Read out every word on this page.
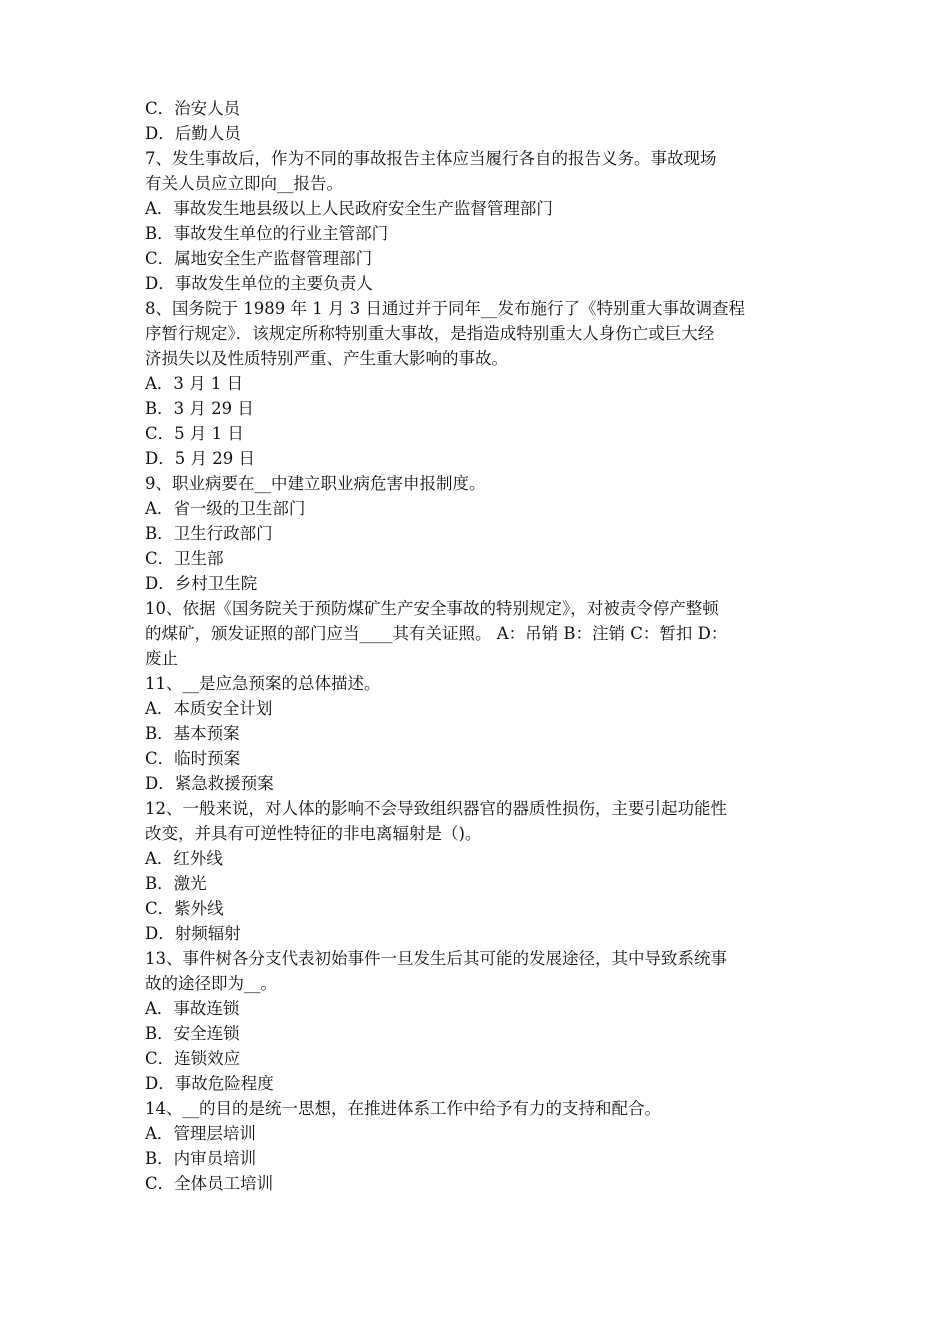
C．治安人员
D．后勤人员
7、发生事故后，作为不同的事故报告主体应当履行各自的报告义务。事故现场
有关人员应立即向__报告。
A．事故发生地县级以上人民政府安全生产监督管理部门
B．事故发生单位的行业主管部门
C．属地安全生产监督管理部门
D．事故发生单位的主要负责人
8、国务院于 1989 年 1 月 3 日通过并于同年__发布施行了《特别重大事故调查程
序暂行规定》．该规定所称特别重大事故，是指造成特别重大人身伤亡或巨大经
济损失以及性质特别严重、产生重大影响的事故。
A．3 月 1 日
B．3 月 29 日
C．5 月 1 日
D．5 月 29 日
9、职业病要在__中建立职业病危害申报制度。
A．省一级的卫生部门
B．卫生行政部门
C．卫生部
D．乡村卫生院
10、依据《国务院关于预防煤矿生产安全事故的特别规定》，对被责令停产整顿
的煤矿，颁发证照的部门应当____其有关证照。 A：吊销 B：注销 C：暂扣 D：
废止
11、__是应急预案的总体描述。
A．本质安全计划
B．基本预案
C．临时预案
D．紧急救援预案
12、一般来说，对人体的影响不会导致组织器官的器质性损伤，主要引起功能性
改变，并具有可逆性特征的非电离辐射是（)。
A．红外线
B．激光
C．紫外线
D．射频辐射
13、事件树各分支代表初始事件一旦发生后其可能的发展途径，其中导致系统事
故的途径即为__。
A．事故连锁
B．安全连锁
C．连锁效应
D．事故危险程度
14、__的目的是统一思想，在推进体系工作中给予有力的支持和配合。
A．管理层培训
B．内审员培训
C．全体员工培训
